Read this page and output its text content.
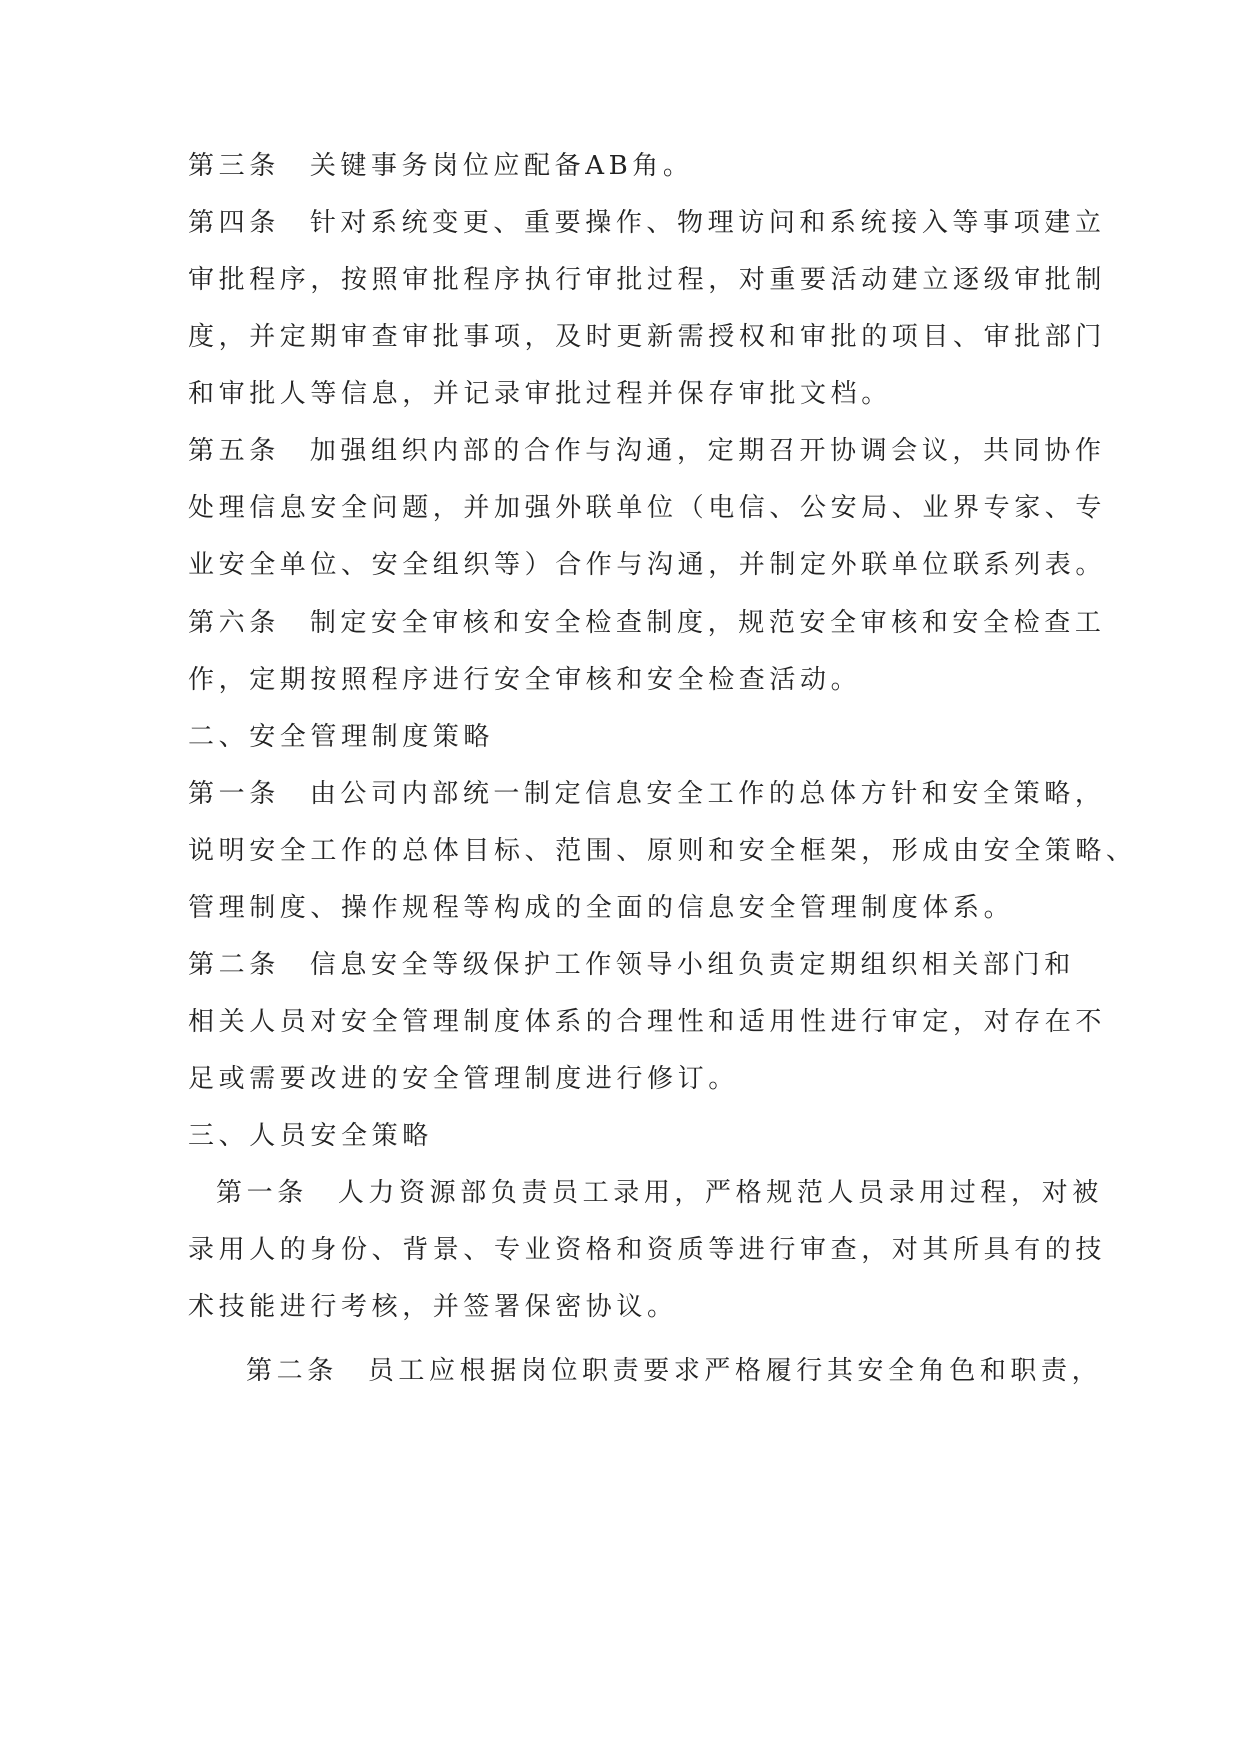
第三条 关键事务岗位应配备AB角。

第四条 针对系统变更、重要操作、物理访问和系统接入等事项建立

审批程序，按照审批程序执行审批过程，对重要活动建立逐级审批制

度，并定期审查审批事项，及时更新需授权和审批的项目、审批部门

和审批人等信息，并记录审批过程并保存审批文档。

第五条 加强组织内部的合作与沟通，定期召开协调会议，共同协作

处理信息安全问题，并加强外联单位（电信、公安局、业界专家、专

业安全单位、安全组织等）合作与沟通，并制定外联单位联系列表。

第六条 制定安全审核和安全检查制度，规范安全审核和安全检查工

作，定期按照程序进行安全审核和安全检查活动。

二、安全管理制度策略

第一条 由公司内部统一制定信息安全工作的总体方针和安全策略，

说明安全工作的总体目标、范围、原则和安全框架，形成由安全策略、

管理制度、操作规程等构成的全面的信息安全管理制度体系。

第二条 信息安全等级保护工作领导小组负责定期组织相关部门和

相关人员对安全管理制度体系的合理性和适用性进行审定，对存在不

足或需要改进的安全管理制度进行修订。

三、人员安全策略

第一条 人力资源部负责员工录用，严格规范人员录用过程，对被

录用人的身份、背景、专业资格和资质等进行审查，对其所具有的技

术技能进行考核，并签署保密协议。

第二条 员工应根据岗位职责要求严格履行其安全角色和职责，
